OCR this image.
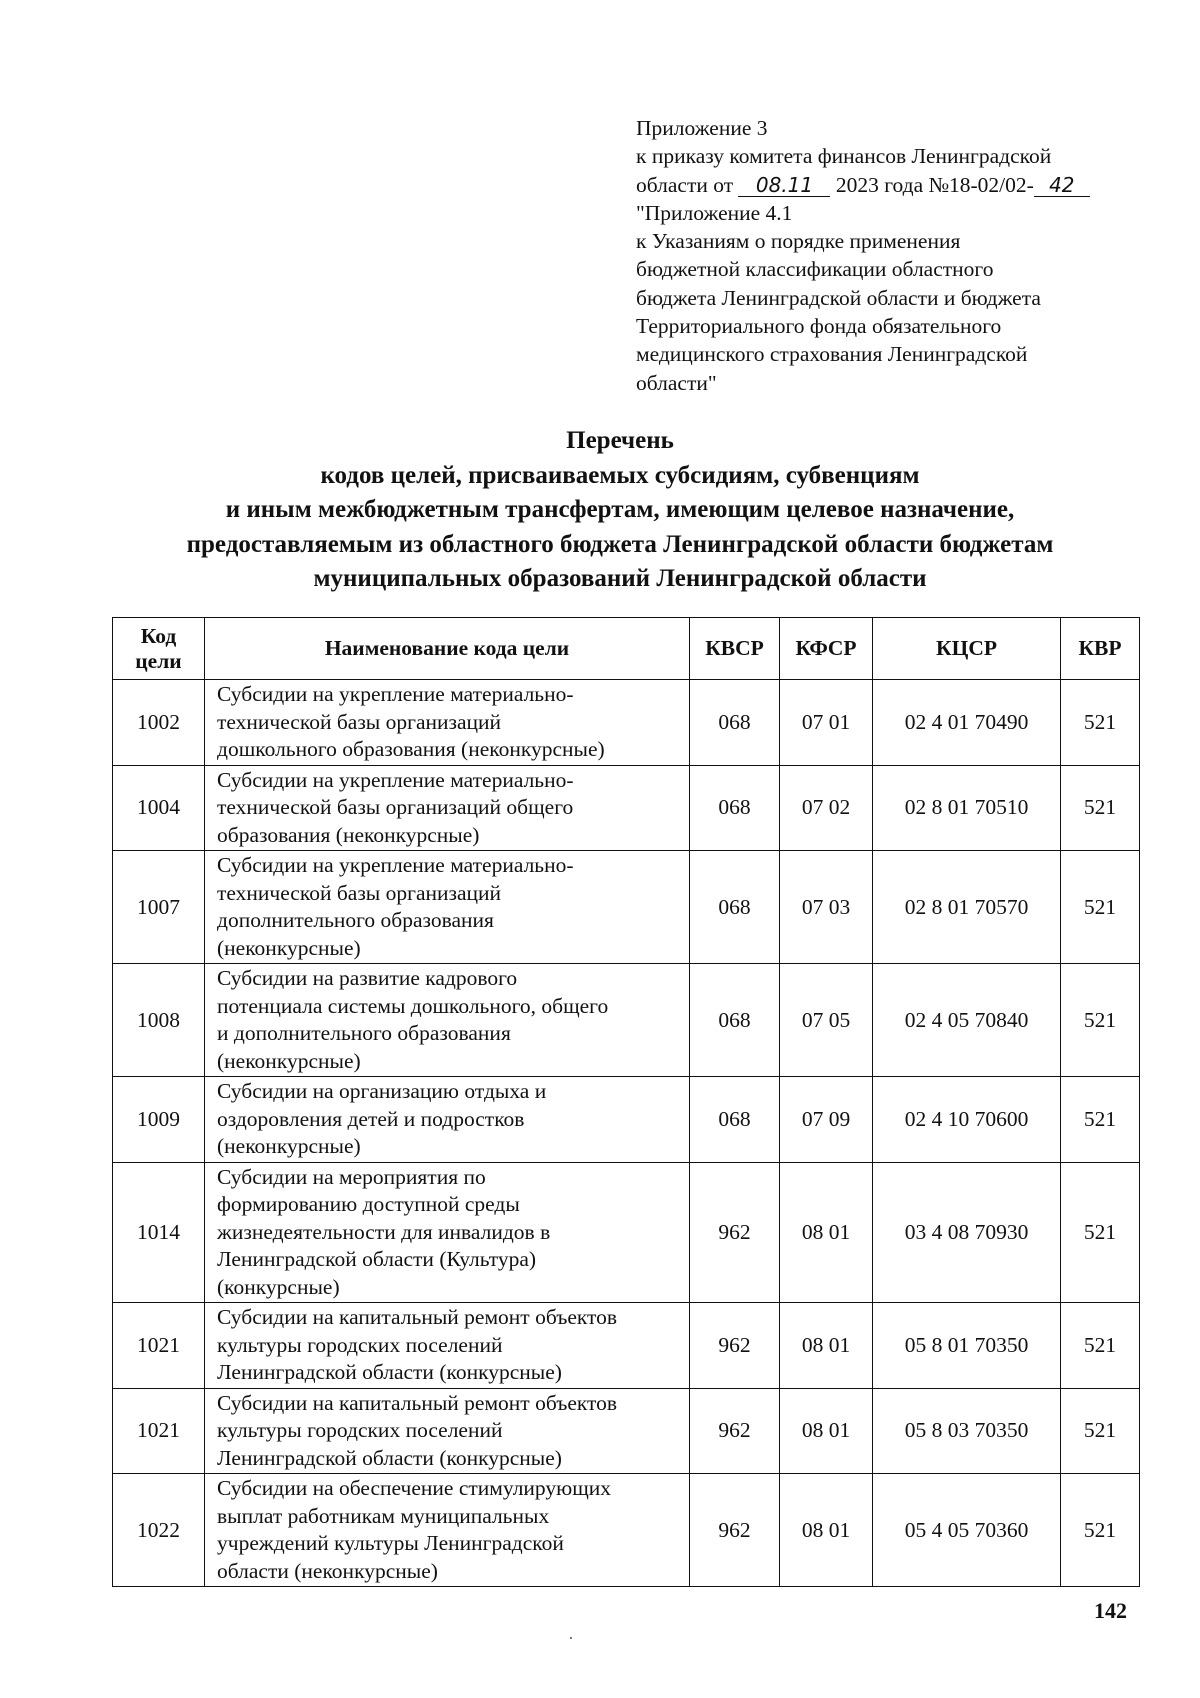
Приложение 3
к приказу комитета финансов Ленинградской
области от 08.11 2023 года №18-02/02- 42
"Приложение 4.1
к Указаниям о порядке применения
бюджетной классификации областного
бюджета Ленинградской области и бюджета
Территориального фонда обязательного
медицинского страхования Ленинградской
области"
Перечень
кодов целей, присваиваемых субсидиям, субвенциям
и иным межбюджетным трансфертам, имеющим целевое назначение,
предоставляемым из областного бюджета Ленинградской области бюджетам
муниципальных образований Ленинградской области
Код
цели	Наименование кода цели	КВСР	КФСР	КЦСР	КВР
1002	Субсидии на укрепление материально-
технической базы организаций
дошкольного образования (неконкурсные)	068	07 01	02 4 01 70490	521
1004	Субсидии на укрепление материально-
технической базы организаций общего
образования (неконкурсные)	068	07 02	02 8 01 70510	521
1007	Субсидии на укрепление материально-
технической базы организаций
дополнительного образования
(неконкурсные)	068	07 03	02 8 01 70570	521
1008	Субсидии на развитие кадрового
потенциала системы дошкольного, общего
и дополнительного образования
(неконкурсные)	068	07 05	02 4 05 70840	521
1009	Субсидии на организацию отдыха и
оздоровления детей и подростков
(неконкурсные)	068	07 09	02 4 10 70600	521
1014	Субсидии на мероприятия по
формированию доступной среды
жизнедеятельности для инвалидов в
Ленинградской области (Культура)
(конкурсные)	962	08 01	03 4 08 70930	521
1021	Субсидии на капитальный ремонт объектов
культуры городских поселений
Ленинградской области (конкурсные)	962	08 01	05 8 01 70350	521
1021	Субсидии на капитальный ремонт объектов
культуры городских поселений
Ленинградской области (конкурсные)	962	08 01	05 8 03 70350	521
1022	Субсидии на обеспечение стимулирующих
выплат работникам муниципальных
учреждений культуры Ленинградской
области (неконкурсные)	962	08 01	05 4 05 70360	521
142
